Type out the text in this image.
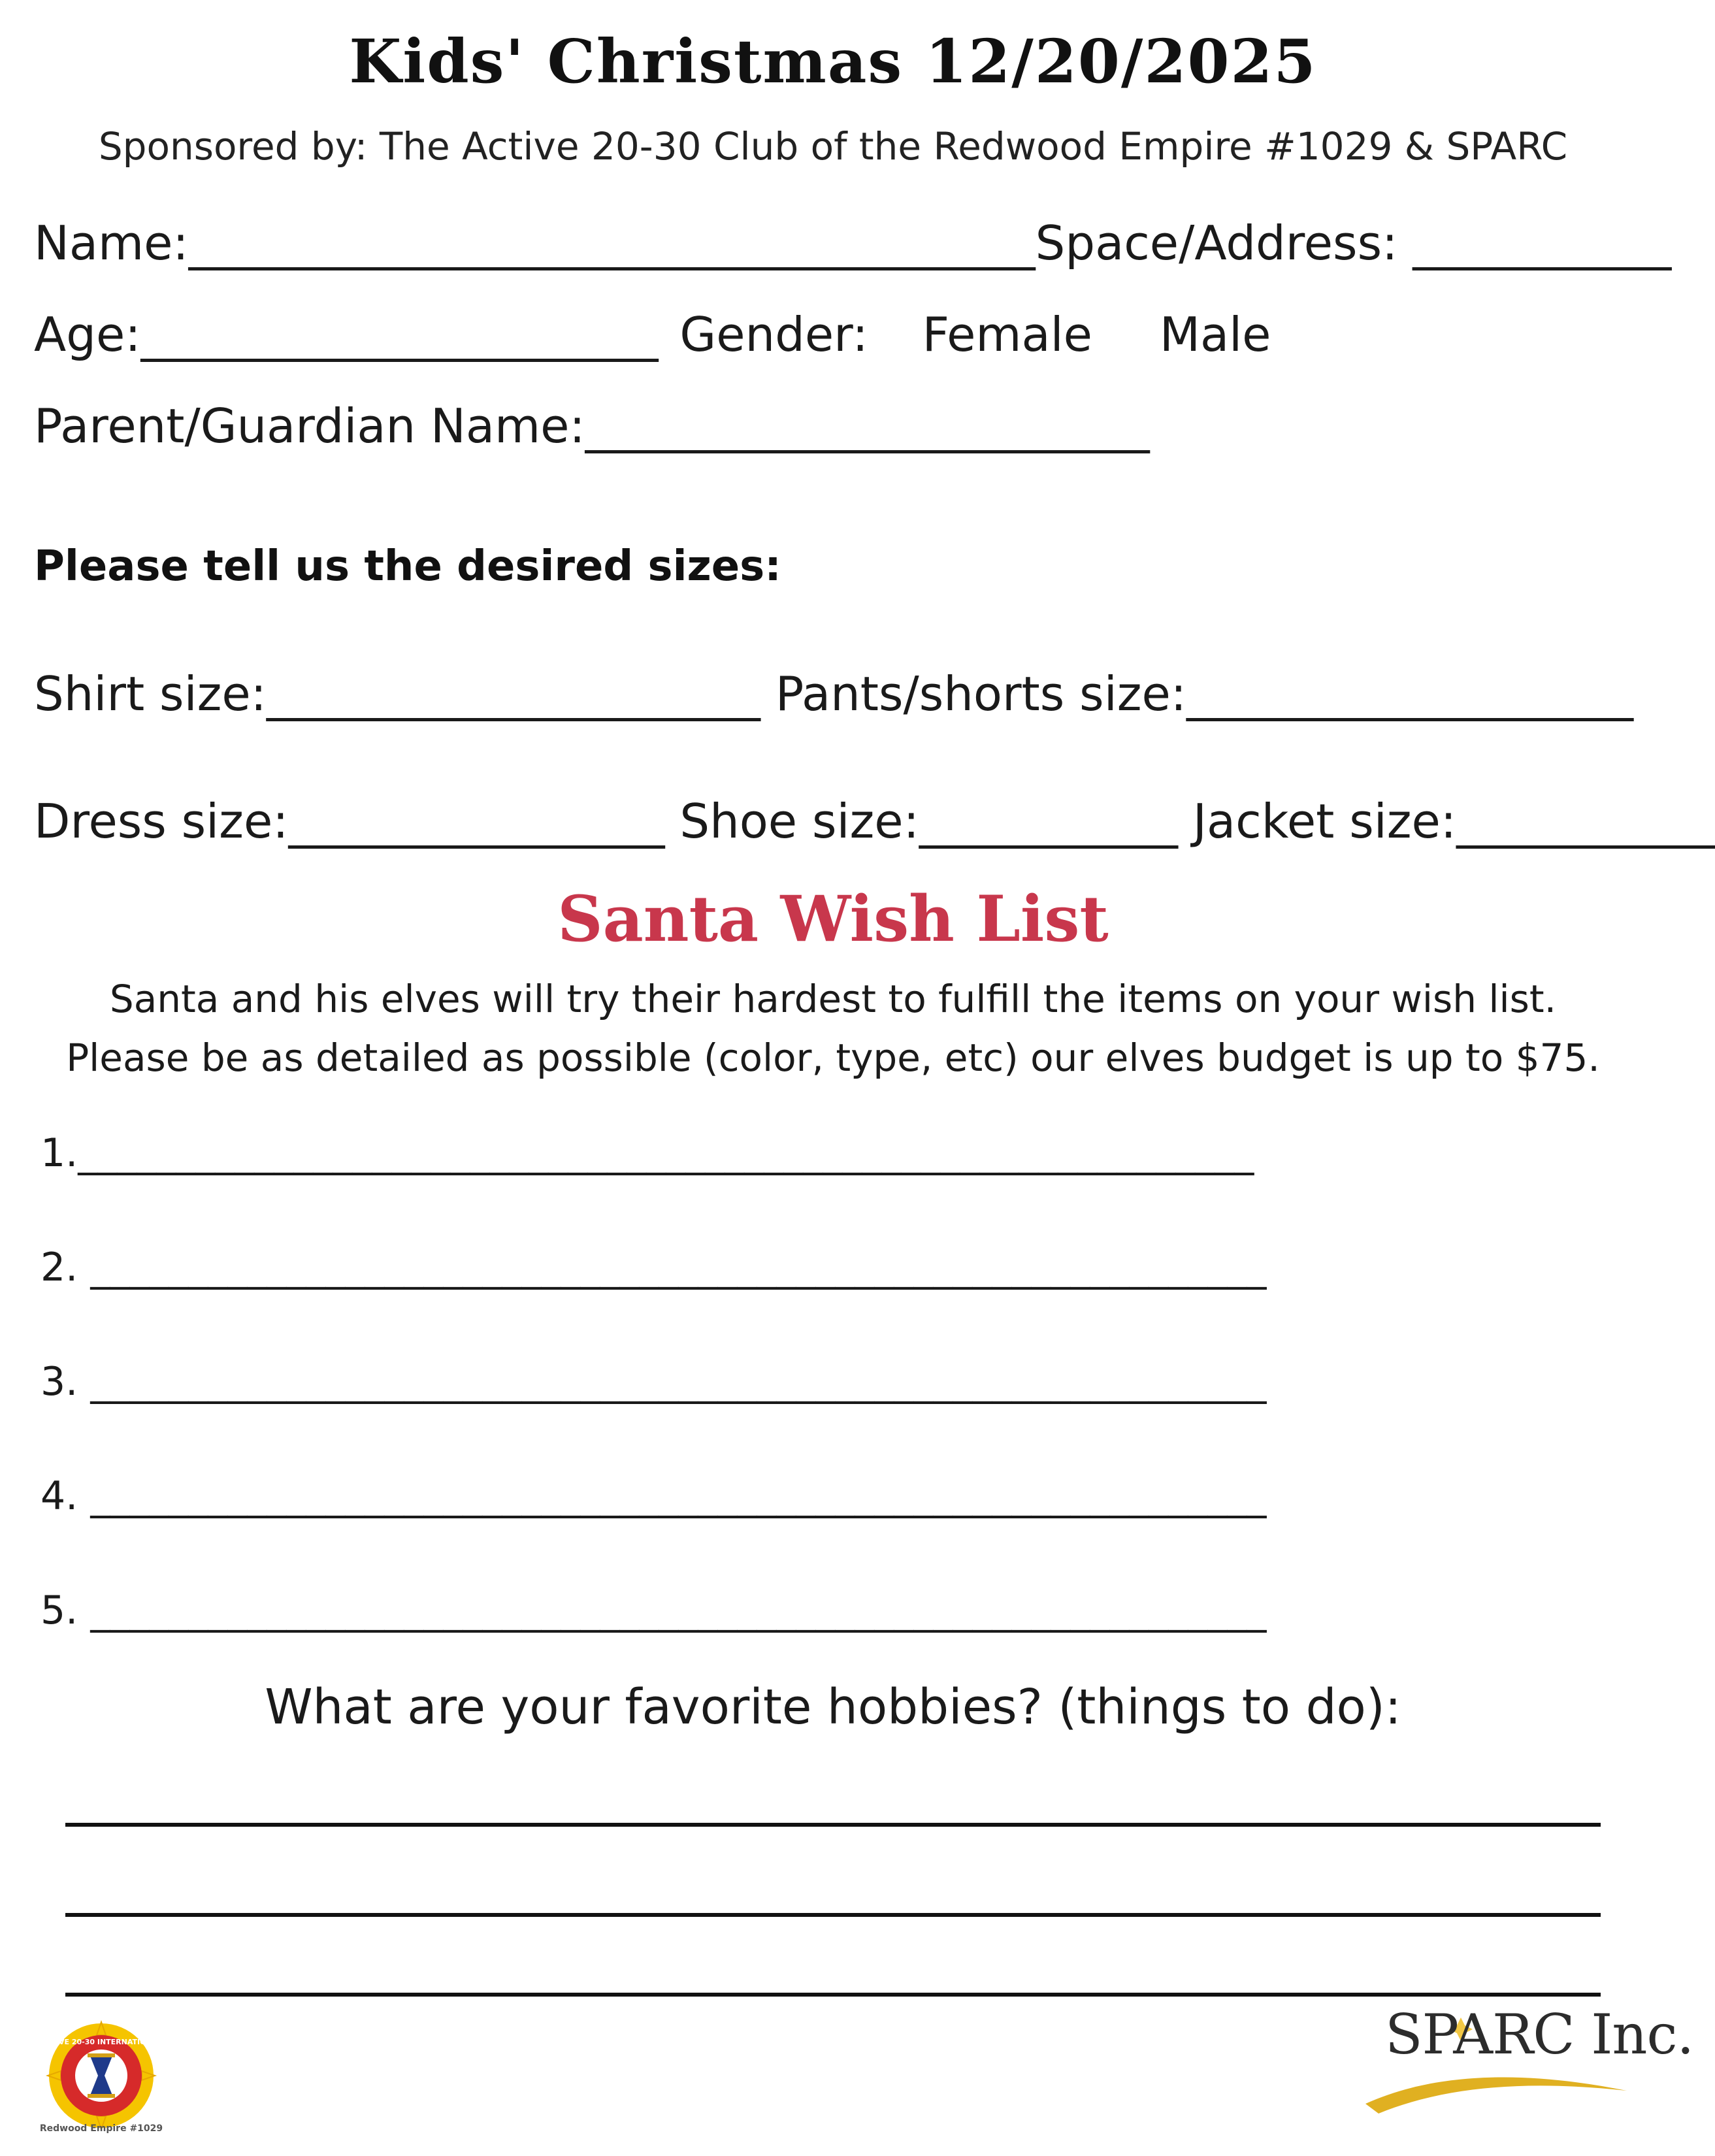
Kids' Christmas 12/20/2025
Sponsored by: The Active 20-30 Club of the Redwood Empire #1029 & SPARC
Name:____________________________________Space/Address: ___________
Age:______________________ Gender: Female Male
Parent/Guardian Name:________________________
Please tell us the desired sizes:
Shirt size:_____________________ Pants/shorts size:___________________
Dress size:________________ Shoe size:___________ Jacket size:___________
Santa Wish List
Santa and his elves will try their hardest to fulfill the items on your wish list.
Please be as detailed as possible (color, type, etc) our elves budget is up to $75.
1.____________________________________________________________
2. ____________________________________________________________
3. ____________________________________________________________
4. ____________________________________________________________
5. ____________________________________________________________
What are your favorite hobbies? (things to do):
ACTIVE 20-30 INTERNATIONAL
Redwood Empire #1029
SPARC Inc.
